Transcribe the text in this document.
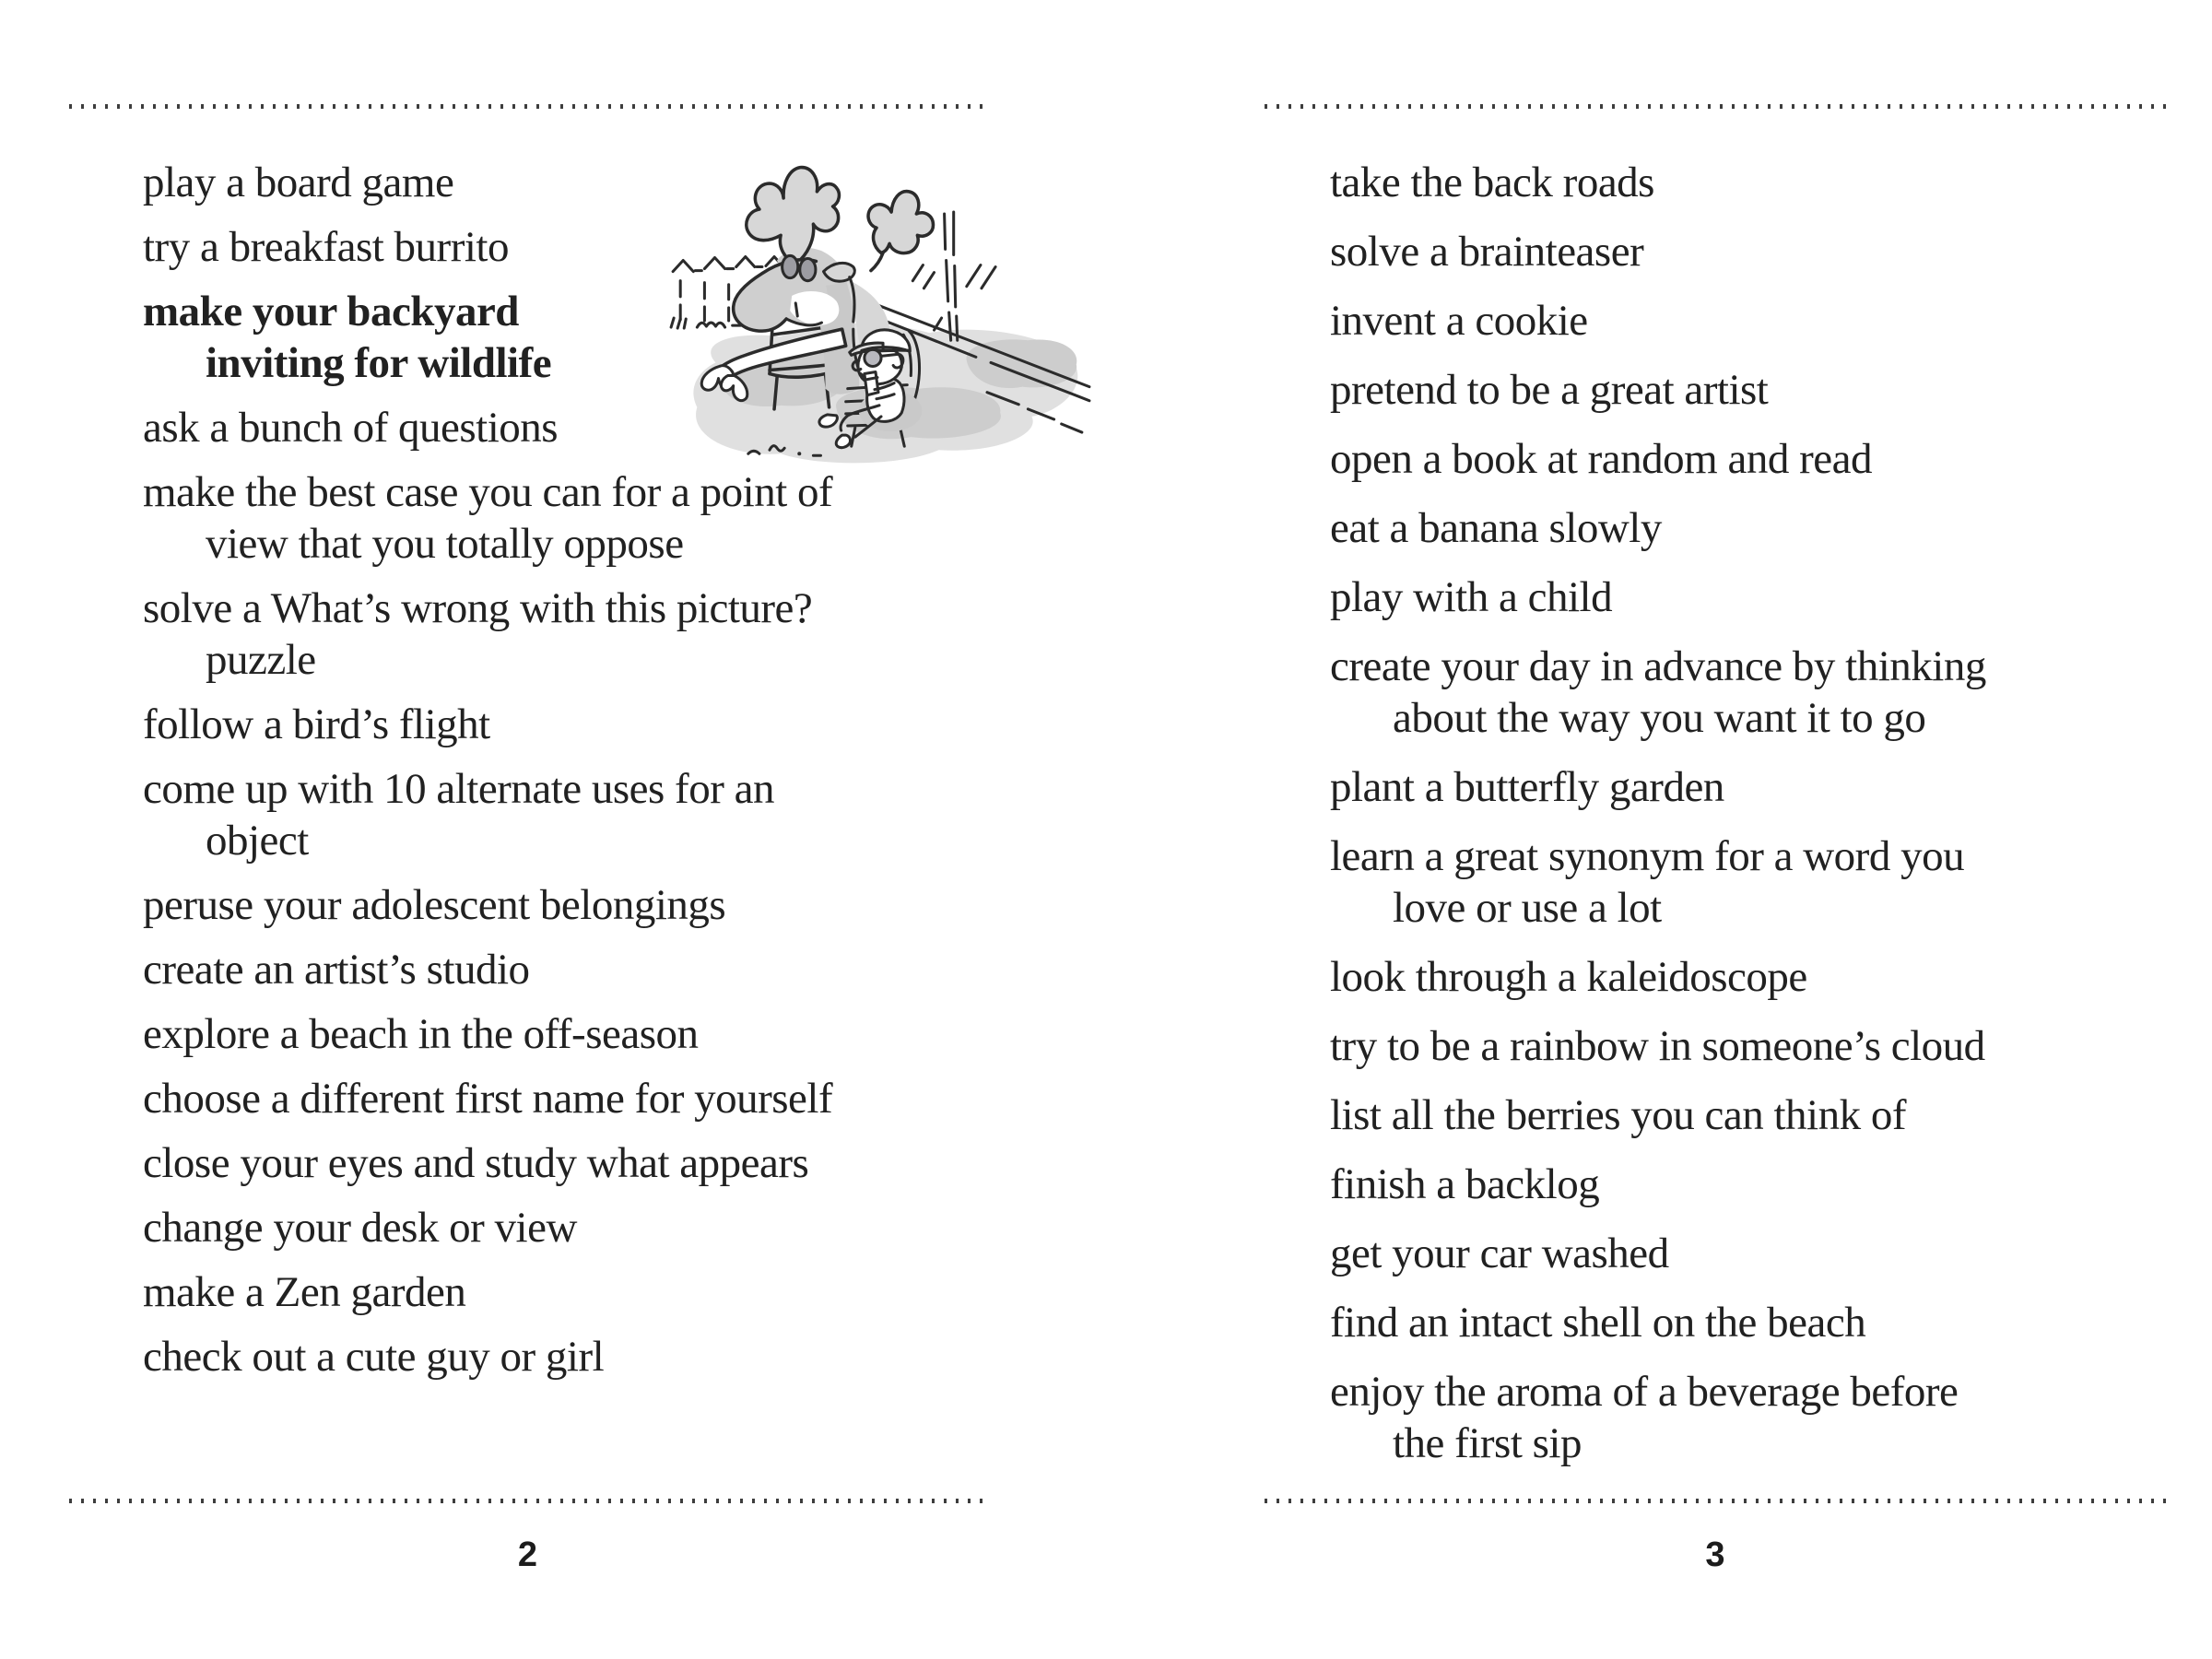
play a board game
try a breakfast burrito
make your backyard
inviting for wildlife
ask a bunch of questions
make the best case you can for a point of
view that you totally oppose
solve a What’s wrong with this picture?
puzzle
follow a bird’s flight
come up with 10 alternate uses for an
object
peruse your adolescent belongings
create an artist’s studio
explore a beach in the off-season
choose a different first name for yourself
close your eyes and study what appears
change your desk or view
make a Zen garden
check out a cute guy or girl
2
take the back roads
solve a brainteaser
invent a cookie
pretend to be a great artist
open a book at random and read
eat a banana slowly
play with a child
create your day in advance by thinking
about the way you want it to go
plant a butterfly garden
learn a great synonym for a word you
love or use a lot
look through a kaleidoscope
try to be a rainbow in someone’s cloud
list all the berries you can think of
finish a backlog
get your car washed
find an intact shell on the beach
enjoy the aroma of a beverage before
the first sip
3
